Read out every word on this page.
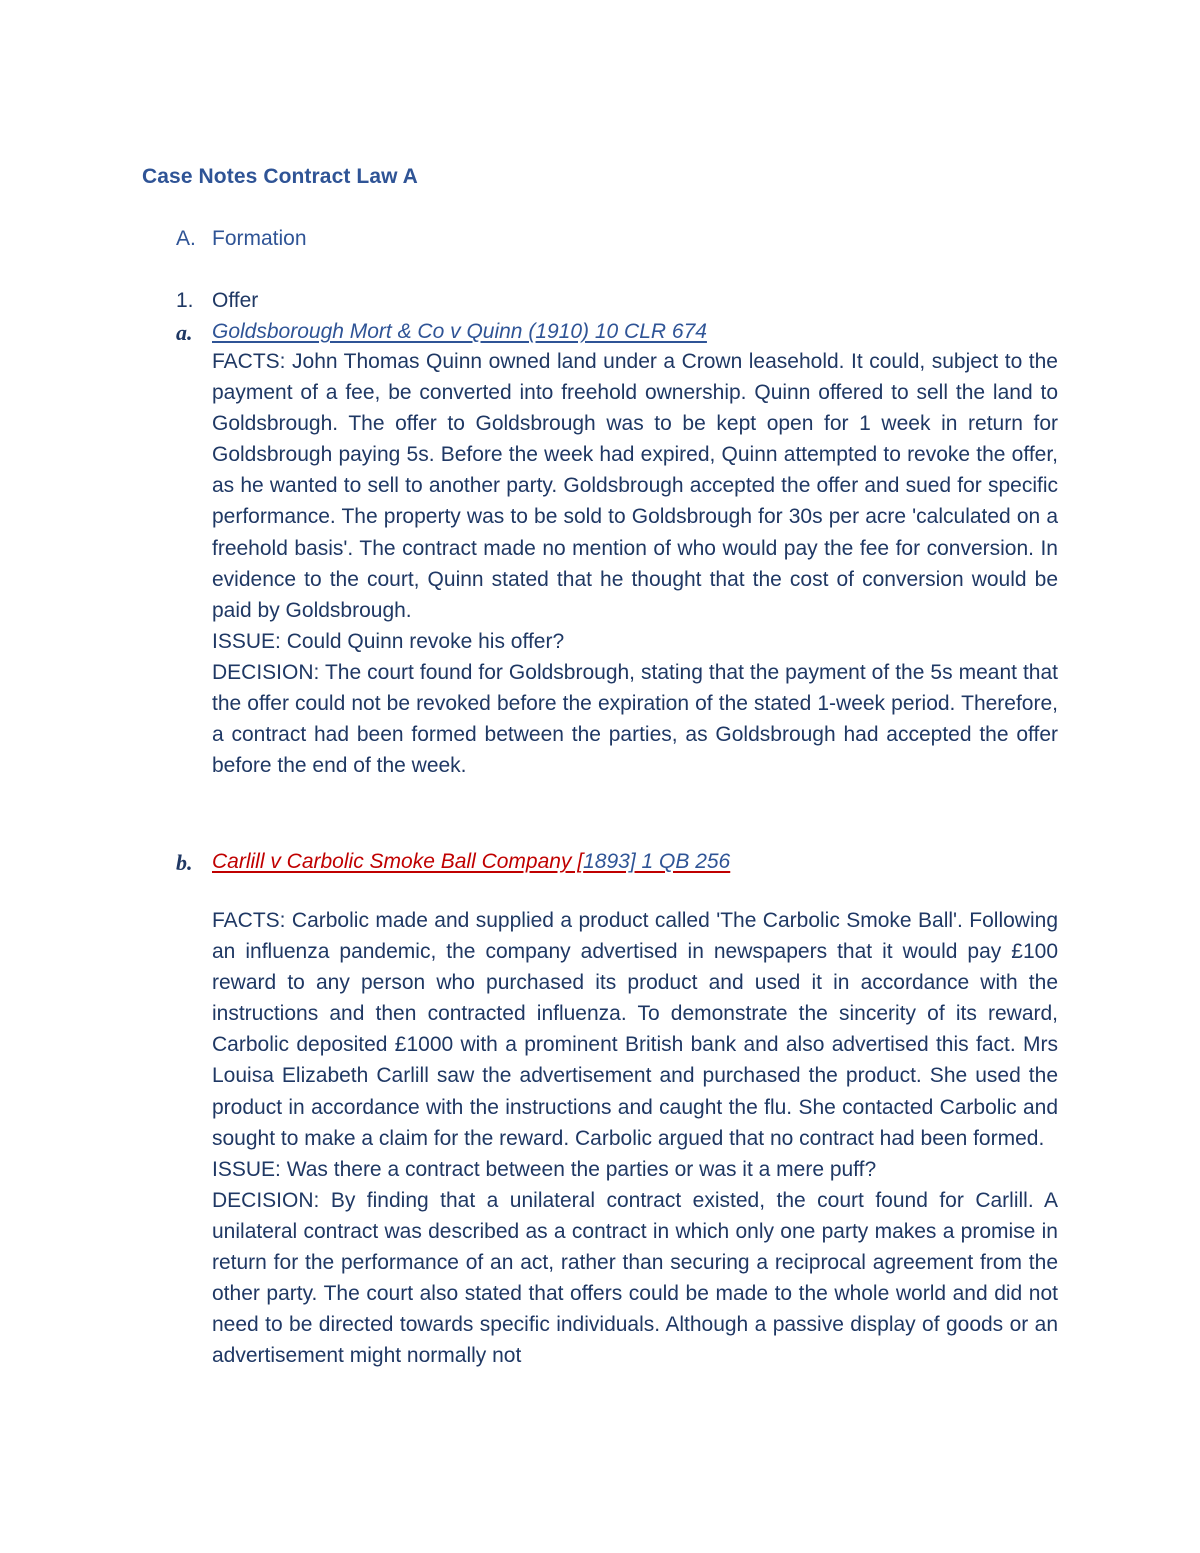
Case Notes Contract Law A
A. Formation
1. Offer
a. Goldsborough Mort & Co v Quinn (1910) 10 CLR 674

FACTS: John Thomas Quinn owned land under a Crown leasehold. It could, subject to the payment of a fee, be converted into freehold ownership. Quinn offered to sell the land to Goldsbrough. The offer to Goldsbrough was to be kept open for 1 week in return for Goldsbrough paying 5s. Before the week had expired, Quinn attempted to revoke the offer, as he wanted to sell to another party. Goldsbrough accepted the offer and sued for specific performance. The property was to be sold to Goldsbrough for 30s per acre 'calculated on a freehold basis'. The contract made no mention of who would pay the fee for conversion. In evidence to the court, Quinn stated that he thought that the cost of conversion would be paid by Goldsbrough.

ISSUE: Could Quinn revoke his offer?

DECISION: The court found for Goldsbrough, stating that the payment of the 5s meant that the offer could not be revoked before the expiration of the stated 1-week period. Therefore, a contract had been formed between the parties, as Goldsbrough had accepted the offer before the end of the week.

b. Carlill v Carbolic Smoke Ball Company [1893] 1 QB 256

FACTS: Carbolic made and supplied a product called 'The Carbolic Smoke Ball'. Following an influenza pandemic, the company advertised in newspapers that it would pay £100 reward to any person who purchased its product and used it in accordance with the instructions and then contracted influenza. To demonstrate the sincerity of its reward, Carbolic deposited £1000 with a prominent British bank and also advertised this fact. Mrs Louisa Elizabeth Carlill saw the advertisement and purchased the product. She used the product in accordance with the instructions and caught the flu. She contacted Carbolic and sought to make a claim for the reward. Carbolic argued that no contract had been formed.

ISSUE: Was there a contract between the parties or was it a mere puff?

DECISION: By finding that a unilateral contract existed, the court found for Carlill. A unilateral contract was described as a contract in which only one party makes a promise in return for the performance of an act, rather than securing a reciprocal agreement from the other party. The court also stated that offers could be made to the whole world and did not need to be directed towards specific individuals. Although a passive display of goods or an advertisement might normally not
